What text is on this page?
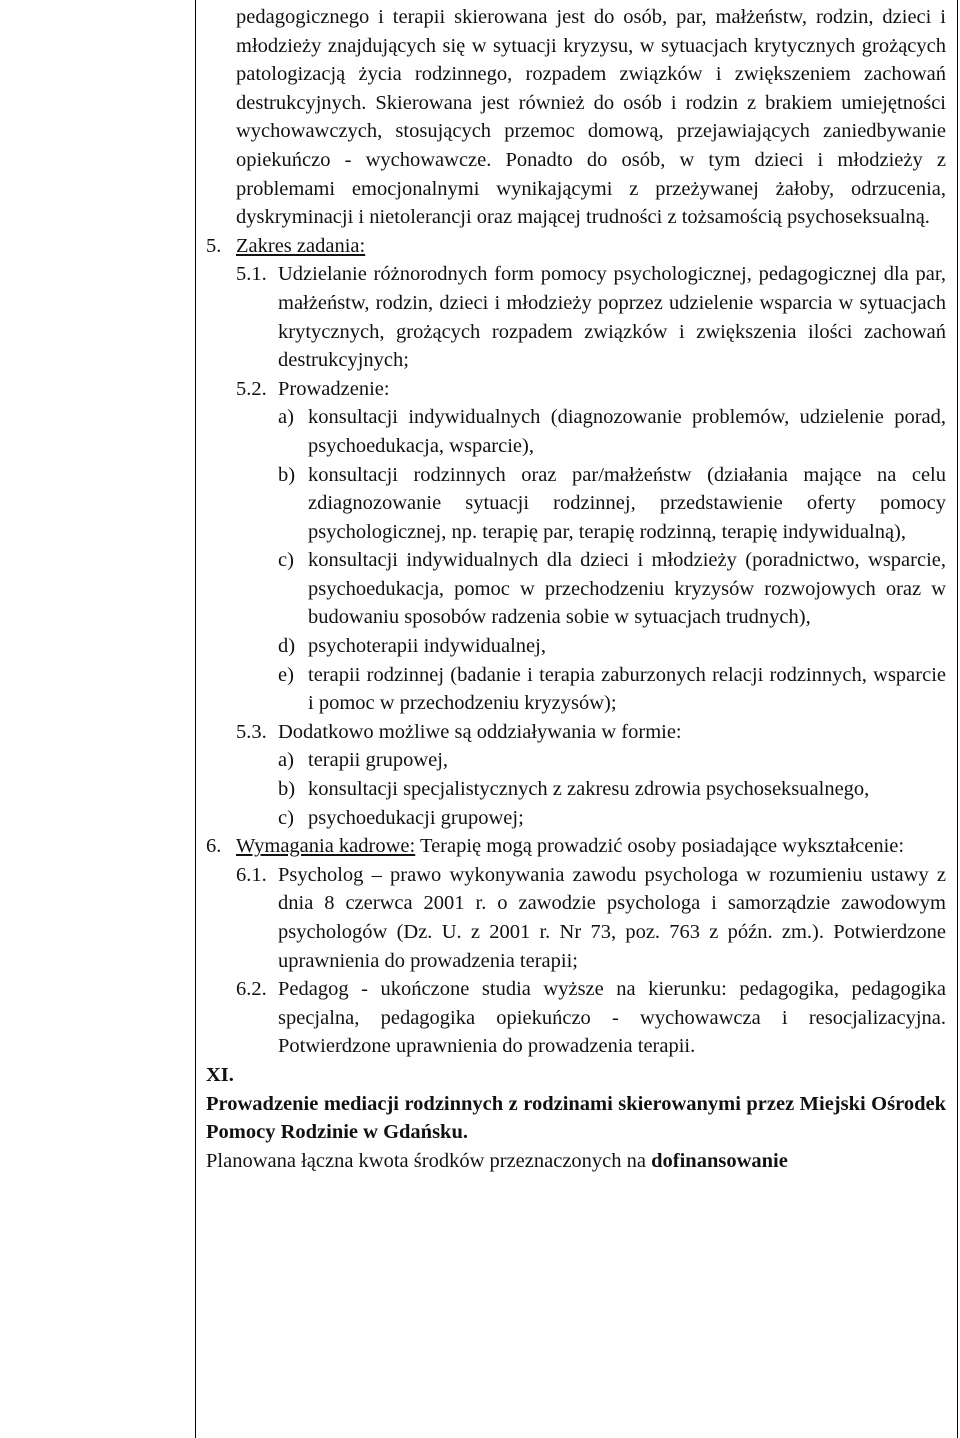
pedagogicznego i terapii skierowana jest do osób, par, małżeństw, rodzin, dzieci i młodzieży znajdujących się w sytuacji kryzysu, w sytuacjach krytycznych grożących patologizacją życia rodzinnego, rozpadem związków i zwiększeniem zachowań destrukcyjnych. Skierowana jest również do osób i rodzin z brakiem umiejętności wychowawczych, stosujących przemoc domową, przejawiających zaniedbywanie opiekuńczo - wychowawcze. Ponadto do osób, w tym dzieci i młodzieży z problemami emocjonalnymi wynikającymi z przeżywanej żałoby, odrzucenia, dyskryminacji i nietolerancji oraz mającej trudności z tożsamością psychoseksualną.

5. Zakres zadania:
5.1. Udzielanie różnorodnych form pomocy psychologicznej, pedagogicznej dla par, małżeństw, rodzin, dzieci i młodzieży poprzez udzielenie wsparcia w sytuacjach krytycznych, grożących rozpadem związków i zwiększenia ilości zachowań destrukcyjnych;
5.2. Prowadzenie:
a) konsultacji indywidualnych (diagnozowanie problemów, udzielenie porad, psychoedukacja, wsparcie),
b) konsultacji rodzinnych oraz par/małżeństw (działania mające na celu zdiagnozowanie sytuacji rodzinnej, przedstawienie oferty pomocy psychologicznej, np. terapię par, terapię rodzinną, terapię indywidualną),
c) konsultacji indywidualnych dla dzieci i młodzieży (poradnictwo, wsparcie, psychoedukacja, pomoc w przechodzeniu kryzysów rozwojowych oraz w budowaniu sposobów radzenia sobie w sytuacjach trudnych),
d) psychoterapii indywidualnej,
e) terapii rodzinnej (badanie i terapia zaburzonych relacji rodzinnych, wsparcie i pomoc w przechodzeniu kryzysów);
5.3. Dodatkowo możliwe są oddziaływania w formie:
a) terapii grupowej,
b) konsultacji specjalistycznych z zakresu zdrowia psychoseksualnego,
c) psychoedukacji grupowej;
6. Wymagania kadrowe: Terapię mogą prowadzić osoby posiadające wykształcenie:
6.1. Psycholog – prawo wykonywania zawodu psychologa w rozumieniu ustawy z dnia 8 czerwca 2001 r. o zawodzie psychologa i samorządzie zawodowym psychologów (Dz. U. z 2001 r. Nr 73, poz. 763 z późn. zm.). Potwierdzone uprawnienia do prowadzenia terapii;
6.2. Pedagog - ukończone studia wyższe na kierunku: pedagogika, pedagogika specjalna, pedagogika opiekuńczo - wychowawcza i resocjalizacyjna. Potwierdzone uprawnienia do prowadzenia terapii.

XI.

Prowadzenie mediacji rodzinnych z rodzinami skierowanymi przez Miejski Ośrodek Pomocy Rodzinie w Gdańsku.

Planowana łączna kwota środków przeznaczonych na dofinansowanie
